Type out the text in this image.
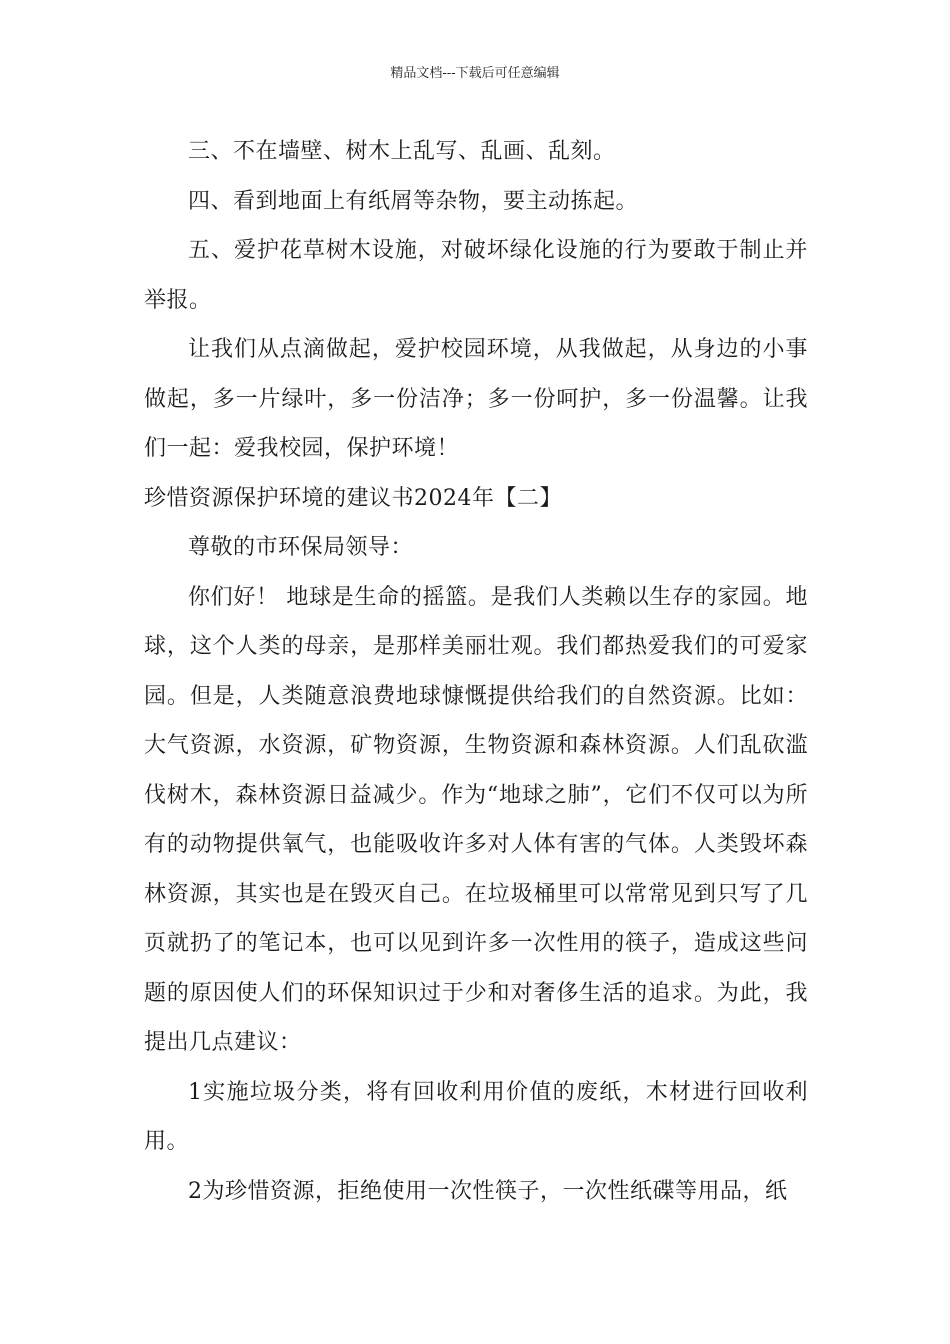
精品文档---下载后可任意编辑

三、不在墙壁、树木上乱写、乱画、乱刻。

四、看到地面上有纸屑等杂物，要主动拣起。

五、爱护花草树木设施，对破坏绿化设施的行为要敢于制止并举报。

让我们从点滴做起，爱护校园环境，从我做起，从身边的小事做起，多一片绿叶，多一份洁净；多一份呵护，多一份温馨。让我们一起：爱我校园，保护环境！

珍惜资源保护环境的建议书2024年【二】

尊敬的市环保局领导：

你们好！ 地球是生命的摇篮。是我们人类赖以生存的家园。地球，这个人类的母亲，是那样美丽壮观。我们都热爱我们的可爱家园。但是，人类随意浪费地球慷慨提供给我们的自然资源。比如：大气资源，水资源，矿物资源，生物资源和森林资源。人们乱砍滥伐树木，森林资源日益减少。作为“地球之肺”，它们不仅可以为所有的动物提供氧气，也能吸收许多对人体有害的气体。人类毁坏森林资源，其实也是在毁灭自己。在垃圾桶里可以常常见到只写了几页就扔了的笔记本，也可以见到许多一次性用的筷子，造成这些问题的原因使人们的环保知识过于少和对奢侈生活的追求。为此，我提出几点建议：

1实施垃圾分类，将有回收利用价值的废纸，木材进行回收利用。

2为珍惜资源，拒绝使用一次性筷子，一次性纸碟等用品，纸
